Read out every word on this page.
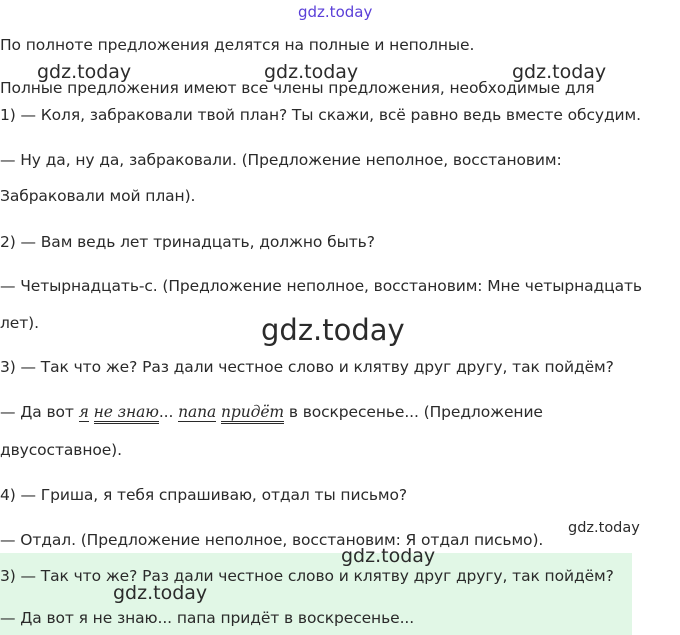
По полноте предложения делятся на полные и неполные.
Полные предложения имеют все члены предложения, необходимые для
1) — Коля, забраковали твой план? Ты скажи, всё равно ведь вместе обсудим.
— Ну да, ну да, забраковали. (Предложение неполное, восстановим:
Забраковали мой план).
2) — Вам ведь лет тринадцать, должно быть?
— Четырнадцать-с. (Предложение неполное, восстановим: Мне четырнадцать
лет).
3) — Так что же? Раз дали честное слово и клятву друг другу, так пойдём?
— Да вот я не знаю... папа придёт в воскресенье... (Предложение
двусоставное).
4) — Гриша, я тебя спрашиваю, отдал ты письмо?
— Отдал. (Предложение неполное, восстановим: Я отдал письмо).
3) — Так что же? Раз дали честное слово и клятву друг другу, так пойдём?
— Да вот я не знаю... папа придёт в воскресенье...
gdz.today
gdz.today	gdz.today	gdz.today
gdz.today
gdz.today
gdz.today
gdz.today
